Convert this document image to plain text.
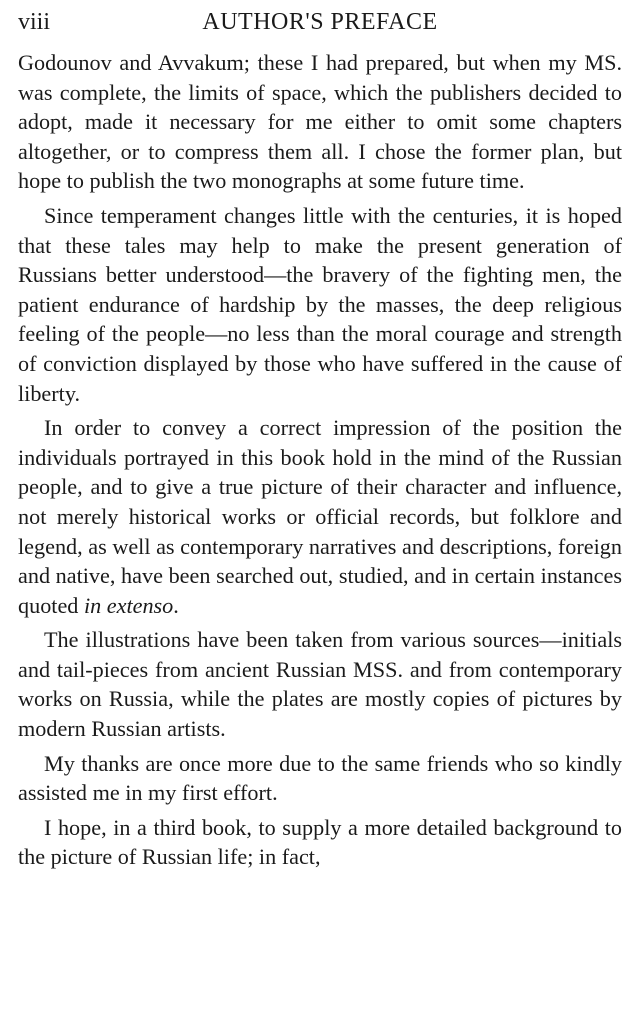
viii	AUTHOR'S PREFACE

Godounov and Avvakum; these I had prepared, but when my MS. was complete, the limits of space, which the publishers decided to adopt, made it necessary for me either to omit some chapters altogether, or to compress them all. I chose the former plan, but hope to publish the two monographs at some future time.

Since temperament changes little with the centuries, it is hoped that these tales may help to make the present generation of Russians better understood—the bravery of the fighting men, the patient endurance of hardship by the masses, the deep religious feeling of the people—no less than the moral courage and strength of conviction displayed by those who have suffered in the cause of liberty.

In order to convey a correct impression of the position the individuals portrayed in this book hold in the mind of the Russian people, and to give a true picture of their character and influence, not merely historical works or official records, but folklore and legend, as well as contemporary narratives and descriptions, foreign and native, have been searched out, studied, and in certain instances quoted in extenso.

The illustrations have been taken from various sources—initials and tail-pieces from ancient Russian MSS. and from contemporary works on Russia, while the plates are mostly copies of pictures by modern Russian artists.

My thanks are once more due to the same friends who so kindly assisted me in my first effort.

I hope, in a third book, to supply a more detailed background to the picture of Russian life; in fact,
